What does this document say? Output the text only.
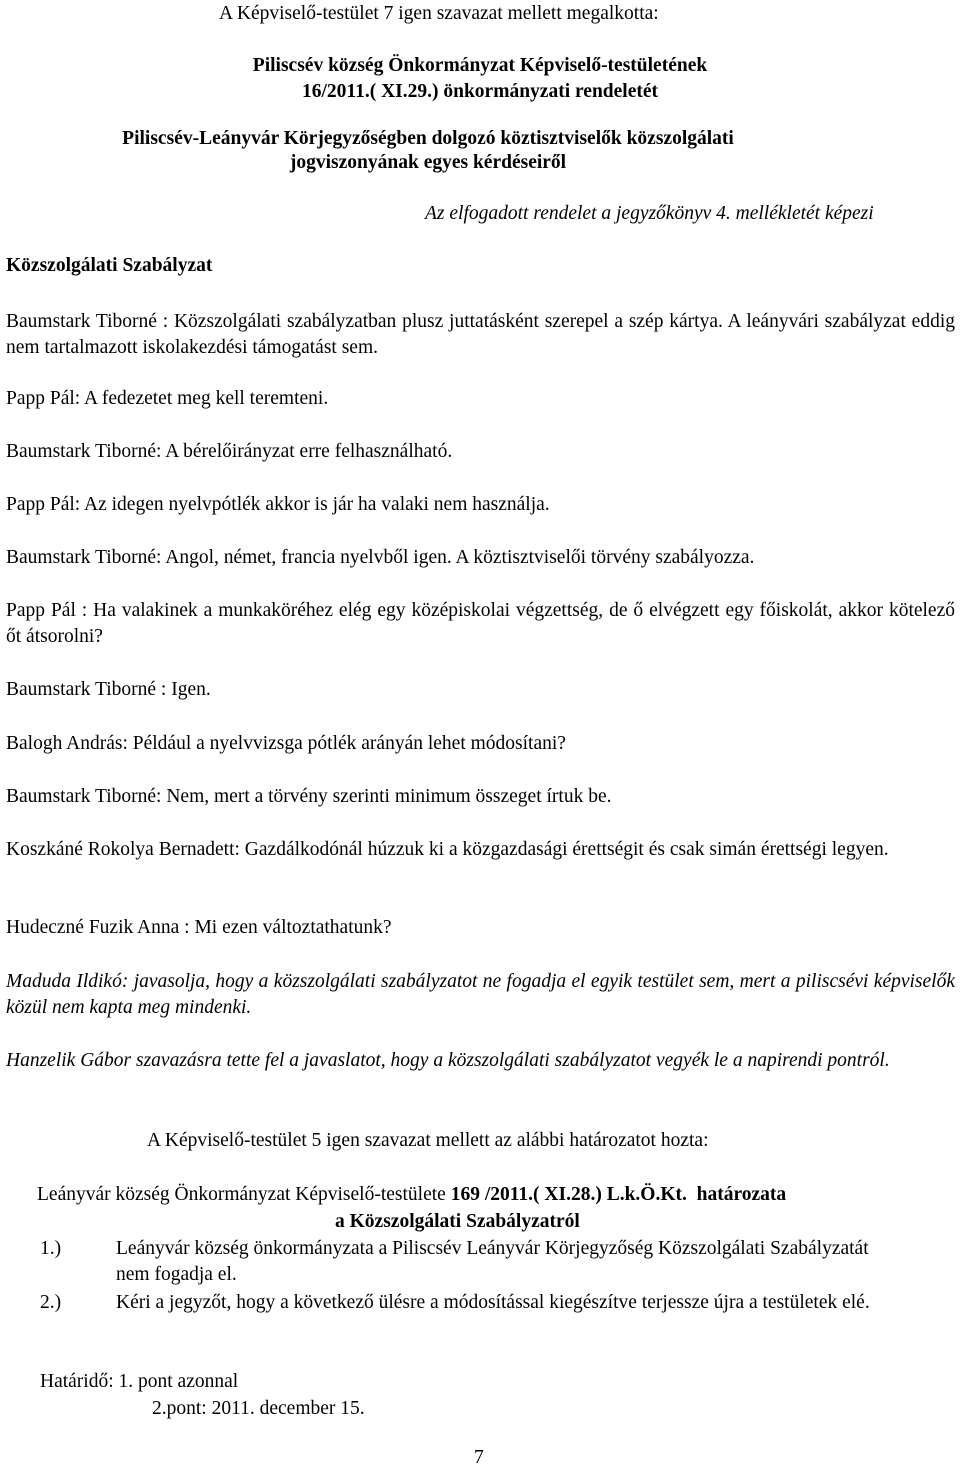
A Képviselő-testület 7 igen szavazat mellett megalkotta:

Piliscsév község Önkormányzat Képviselő-testületének

16/2011.( XI.29.) önkormányzati rendeletét

Piliscsév-Leányvár Körjegyzőségben dolgozó köztisztviselők közszolgálati

jogviszonyának egyes kérdéseiről

Az elfogadott rendelet a jegyzőkönyv 4. mellékletét képezi

Közszolgálati Szabályzat

Baumstark Tiborné : Közszolgálati szabályzatban plusz juttatásként szerepel a szép kártya. A leányvári szabályzat eddig nem tartalmazott iskolakezdési támogatást sem.

Papp Pál: A fedezetet meg kell teremteni.

Baumstark Tiborné: A bérelőirányzat erre felhasználható.

Papp Pál: Az idegen nyelvpótlék akkor is jár ha valaki nem használja.

Baumstark Tiborné: Angol, német, francia nyelvből igen. A köztisztviselői törvény szabályozza.

Papp Pál : Ha valakinek a munkaköréhez elég egy középiskolai végzettség, de ő elvégzett egy főiskolát, akkor kötelező őt átsorolni?

Baumstark Tiborné : Igen.

Balogh András: Például a nyelvvizsga pótlék arányán lehet módosítani?

Baumstark Tiborné: Nem, mert a törvény szerinti minimum összeget írtuk be.

Koszkáné Rokolya Bernadett: Gazdálkodónál húzzuk ki a közgazdasági érettségit és csak simán érettségi legyen.

Hudeczné Fuzik Anna : Mi ezen változtathatunk?

Maduda Ildikó: javasolja, hogy a közszolgálati szabályzatot ne fogadja el egyik testület sem, mert a piliscsévi képviselők közül nem kapta meg mindenki.

Hanzelik Gábor szavazásra tette fel a javaslatot, hogy a közszolgálati szabályzatot vegyék le a napirendi pontról.

A Képviselő-testület 5 igen szavazat mellett az alábbi határozatot hozta:

Leányvár község Önkormányzat Képviselő-testülete 169 /2011.( XI.28.) L.k.Ö.Kt.  határozata

a Közszolgálati Szabályzatról

1.)	Leányvár község önkormányzata a Piliscsév Leányvár Körjegyzőség Közszolgálati Szabályzatát nem fogadja el.
2.)	Kéri a jegyzőt, hogy a következő ülésre a módosítással kiegészítve terjessze újra a testületek elé.

Határidő: 1. pont azonnal

2.pont: 2011. december 15.

7
